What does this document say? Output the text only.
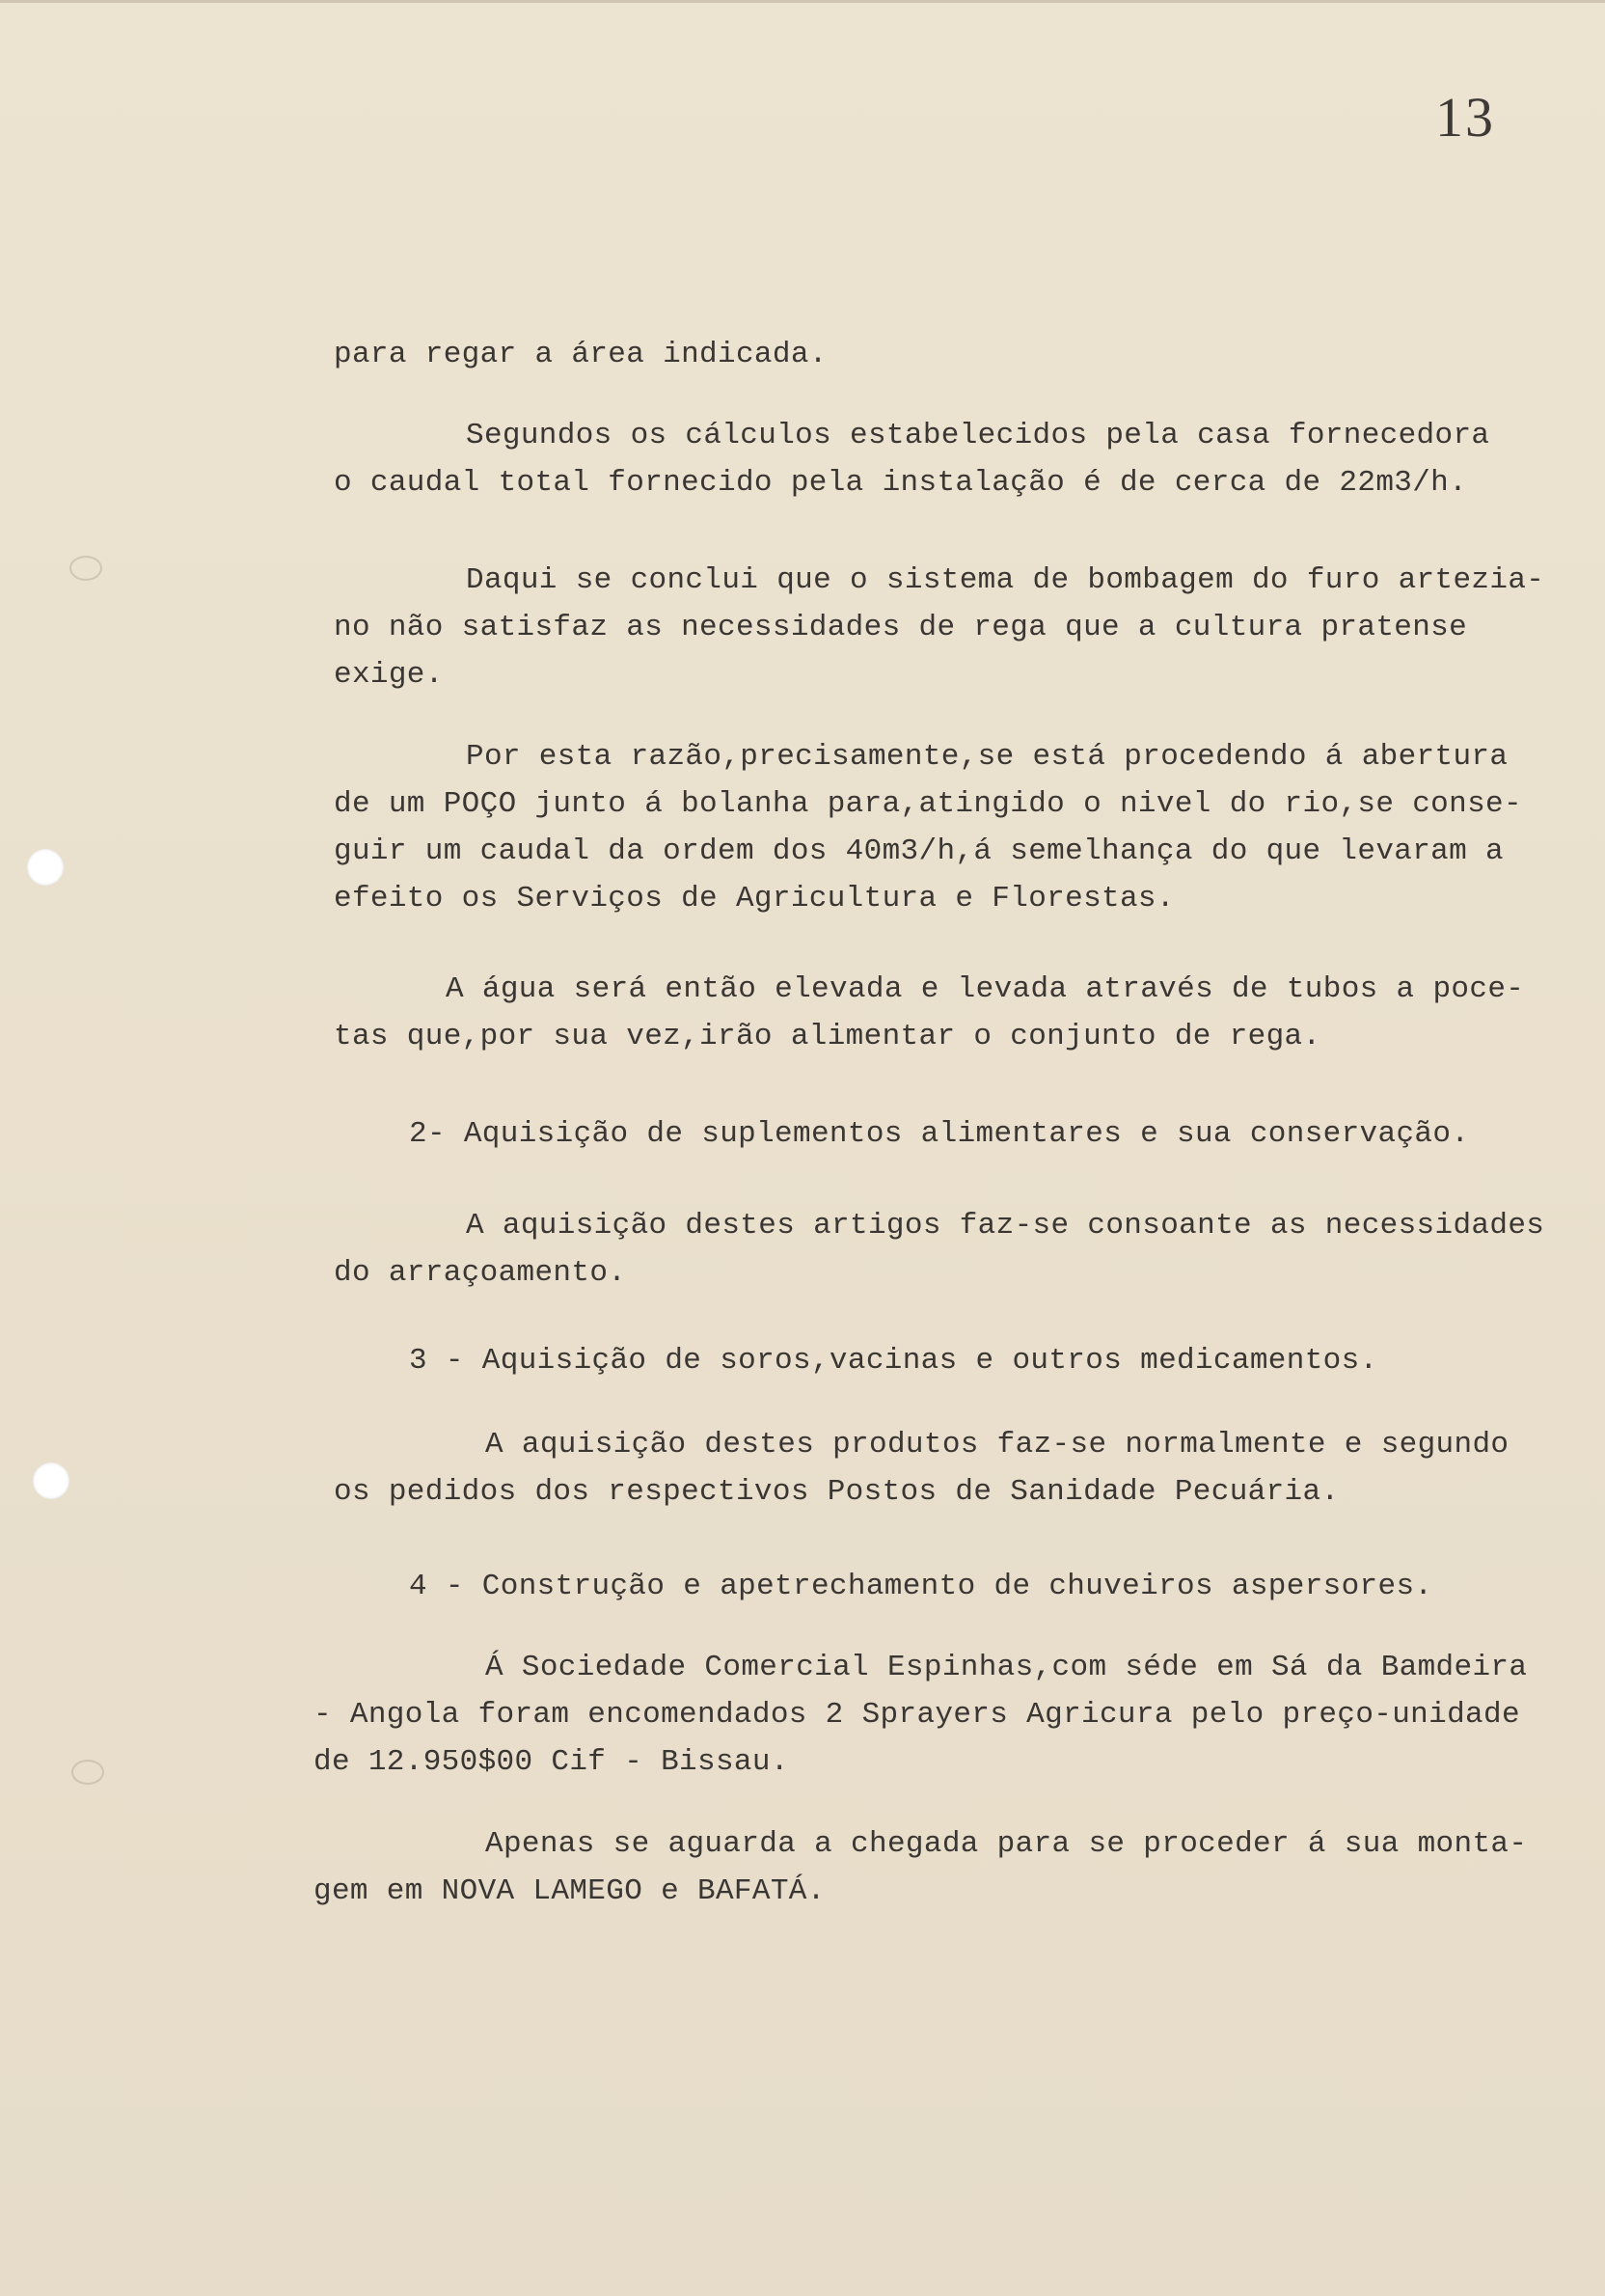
13
para regar a área indicada.
Segundos os cálculos estabelecidos pela casa fornecedora
o caudal total fornecido pela instalação é de cerca de 22m3/h.
Daqui se conclui que o sistema de bombagem do furo artezia-
no não satisfaz as necessidades de rega que a cultura pratense
exige.
Por esta razão,precisamente,se está procedendo á abertura
de um POÇO junto á bolanha para,atingido o nivel do rio,se conse-
guir um caudal da ordem dos 40m3/h,á semelhança do que levaram a
efeito os Serviços de Agricultura e Florestas.
A água será então elevada e levada através de tubos a poce-
tas que,por sua vez,irão alimentar o conjunto de rega.
2- Aquisição de suplementos alimentares e sua conservação.
A aquisição destes artigos faz-se consoante as necessidades
do arraçoamento.
3 - Aquisição de soros,vacinas e outros medicamentos.
A aquisição destes produtos faz-se normalmente e segundo
os pedidos dos respectivos Postos de Sanidade Pecuária.
4 - Construção e apetrechamento de chuveiros aspersores.
Á Sociedade Comercial Espinhas,com séde em Sá da Bamdeira
- Angola foram encomendados 2 Sprayers Agricura pelo preço-unidade
de 12.950$00 Cif - Bissau.
Apenas se aguarda a chegada para se proceder á sua monta-
gem em NOVA LAMEGO e BAFATÁ.
